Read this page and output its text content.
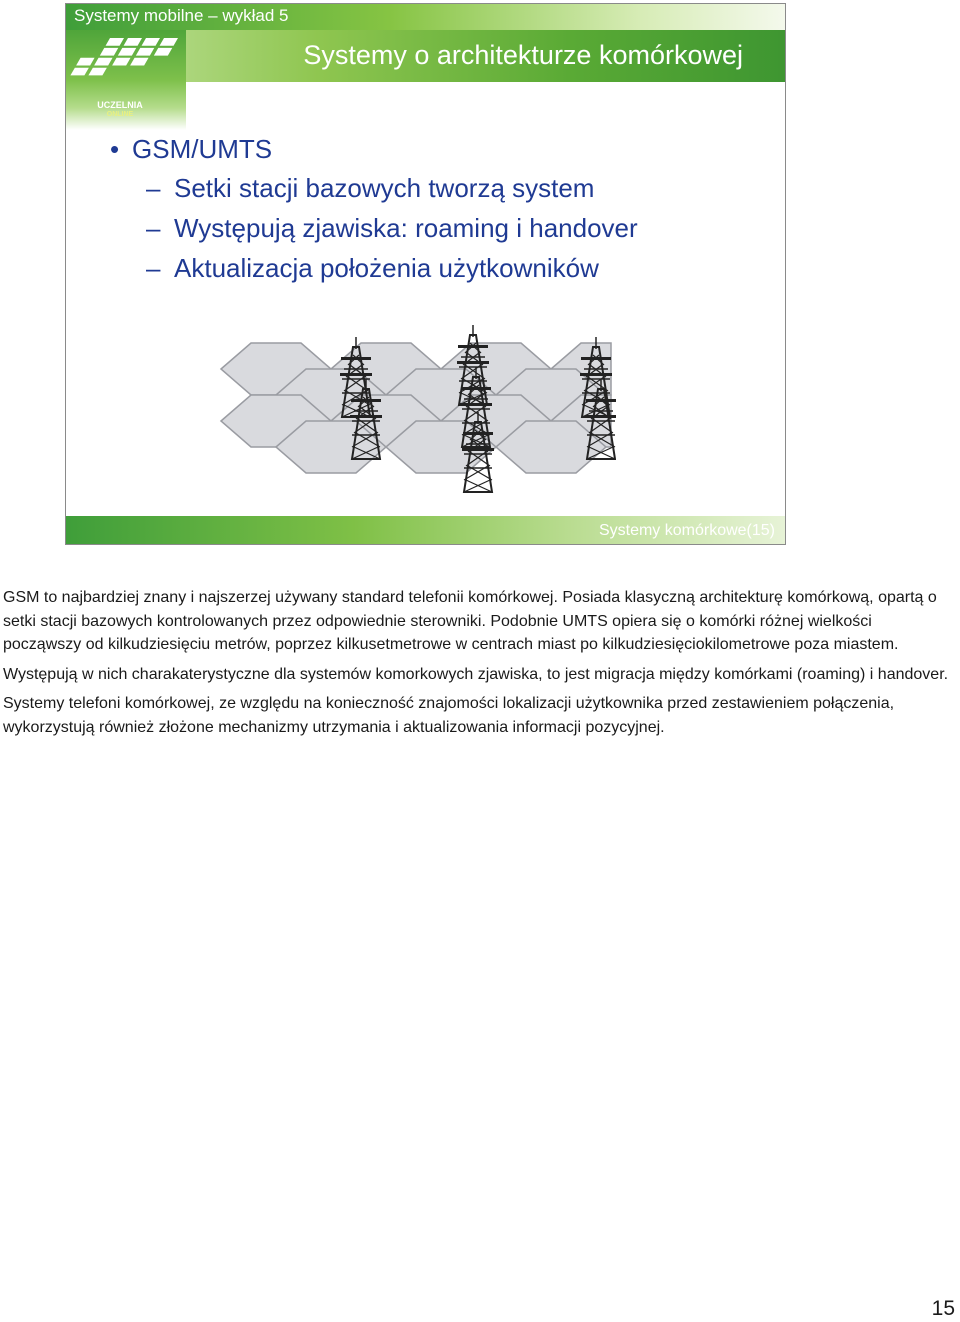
Systemy mobilne – wykład 5
Systemy o architekturze komórkowej
UCZELNIA
ONLINE
• GSM/UMTS
– Setki stacji bazowych tworzą system
– Występują zjawiska: roaming i handover
– Aktualizacja położenia użytkowników
Systemy komórkowe(15)

GSM to najbardziej znany i najszerzej używany standard telefonii komórkowej. Posiada klasyczną architekturę komórkową, opartą o setki stacji bazowych kontrolowanych przez odpowiednie sterowniki. Podobnie UMTS opiera się o komórki różnej wielkości począwszy od kilkudziesięciu metrów, poprzez kilkusetmetrowe w centrach miast po kilkudziesięciokilometrowe poza miastem.

Występują w nich charakaterystyczne dla systemów komorkowych zjawiska, to jest migracja między komórkami (roaming) i handover.

Systemy telefoni komórkowej, ze względu na konieczność znajomości lokalizacji użytkownika przed zestawieniem połączenia, wykorzystują również złożone mechanizmy utrzymania i aktualizowania informacji pozycyjnej.

15
